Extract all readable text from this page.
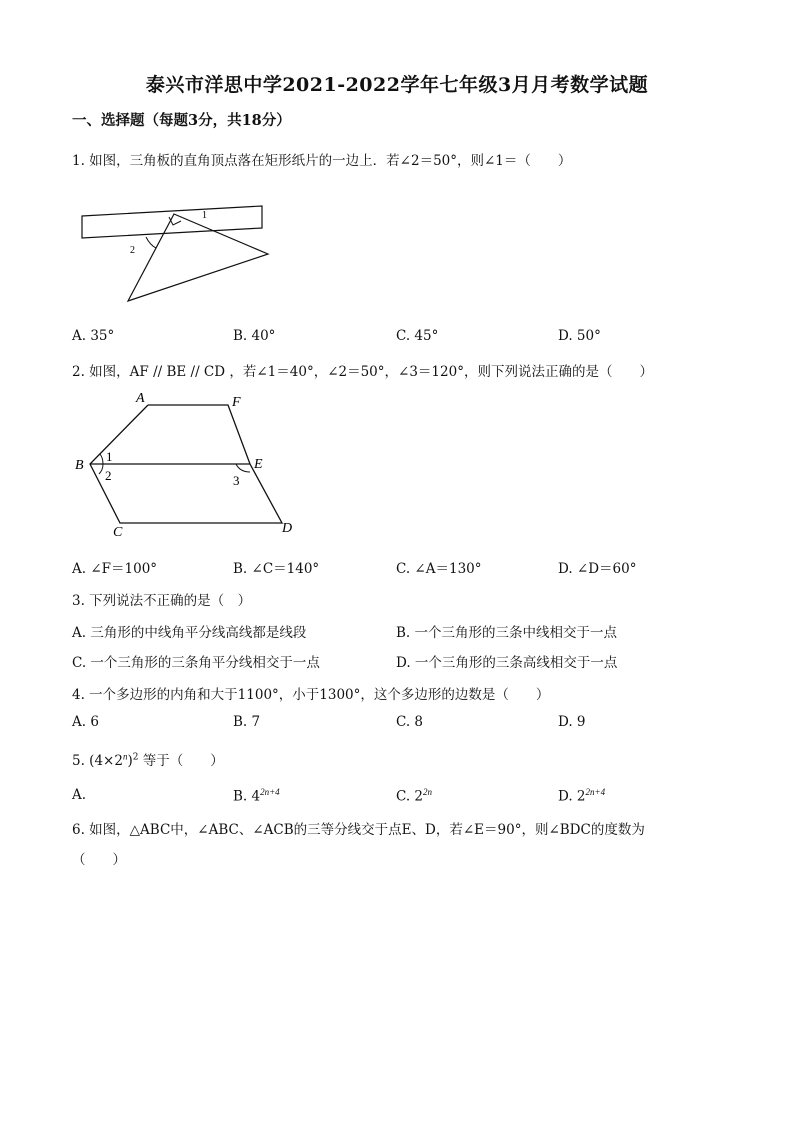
泰兴市洋思中学2021-2022学年七年级3月月考数学试题
一、选择题（每题3分，共18分）
1. 如图，三角板的直角顶点落在矩形纸片的一边上．若∠2＝50°，则∠1＝（　　）
1
2
A. 35°	B. 40°	C. 45°	D. 50°
2. 如图，AF // BE // CD ，若∠1＝40°，∠2＝50°，∠3＝120°，则下列说法正确的是（　　）
A	F
B	E
C	D
1
2	3
A. ∠F＝100°	B. ∠C＝140°	C. ∠A＝130°	D. ∠D＝60°
3. 下列说法不正确的是（　）
A. 三角形的中线角平分线高线都是线段	B. 一个三角形的三条中线相交于一点
C. 一个三角形的三条角平分线相交于一点	D. 一个三角形的三条高线相交于一点
4. 一个多边形的内角和大于1100°，小于1300°，这个多边形的边数是（　　）
A. 6	B. 7	C. 8	D. 9
5. $(4\times 2^n)^2$ 等于（　　）
A.	B. $4^{2n+4}$	C. $2^{2n}$	D. $2^{2n+4}$
6. 如图，△ABC中，∠ABC、∠ACB的三等分线交于点E、D，若∠E＝90°，则∠BDC的度数为
（　　）
